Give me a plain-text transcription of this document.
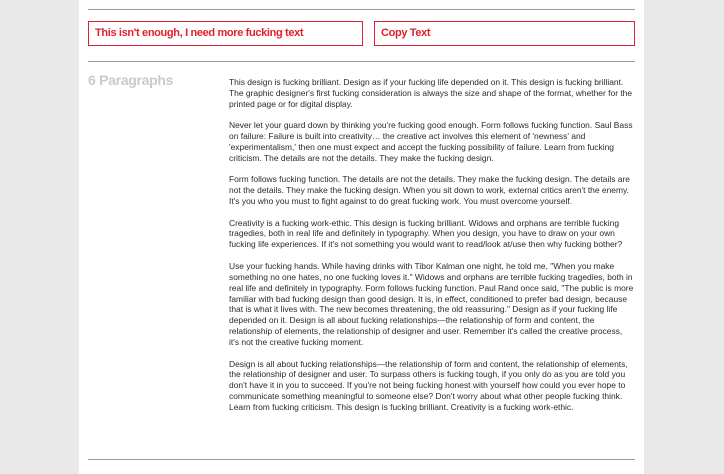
This isn't enough, I need more fucking text	Copy Text
6 Paragraphs	This design is fucking brilliant. Design as if your fucking life depended on it. This design is fucking brilliant. The graphic designer's first fucking consideration is always the size and shape of the format, whether for the printed page or for digital display.

Never let your guard down by thinking you're fucking good enough. Form follows fucking function. Saul Bass on failure: Failure is built into creativity… the creative act involves this element of 'newness' and 'experimentalism,' then one must expect and accept the fucking possibility of failure. Learn from fucking criticism. The details are not the details. They make the fucking design.

Form follows fucking function. The details are not the details. They make the fucking design. The details are not the details. They make the fucking design. When you sit down to work, external critics aren't the enemy. It's you who you must to fight against to do great fucking work. You must overcome yourself.

Creativity is a fucking work-ethic. This design is fucking brilliant. Widows and orphans are terrible fucking tragedies, both in real life and definitely in typography. When you design, you have to draw on your own fucking life experiences. If it's not something you would want to read/look at/use then why fucking bother?

Use your fucking hands. While having drinks with Tibor Kalman one night, he told me, "When you make something no one hates, no one fucking loves it." Widows and orphans are terrible fucking tragedies, both in real life and definitely in typography. Form follows fucking function. Paul Rand once said, "The public is more familiar with bad fucking design than good design. It is, in effect, conditioned to prefer bad design, because that is what it lives with. The new becomes threatening, the old reassuring." Design as if your fucking life depended on it. Design is all about fucking relationships—the relationship of form and content, the relationship of elements, the relationship of designer and user. Remember it's called the creative process, it's not the creative fucking moment.

Design is all about fucking relationships—the relationship of form and content, the relationship of elements, the relationship of designer and user. To surpass others is fucking tough, if you only do as you are told you don't have it in you to succeed. If you're not being fucking honest with yourself how could you ever hope to communicate something meaningful to someone else? Don't worry about what other people fucking think. Learn from fucking criticism. This design is fucking brilliant. Creativity is a fucking work-ethic.
